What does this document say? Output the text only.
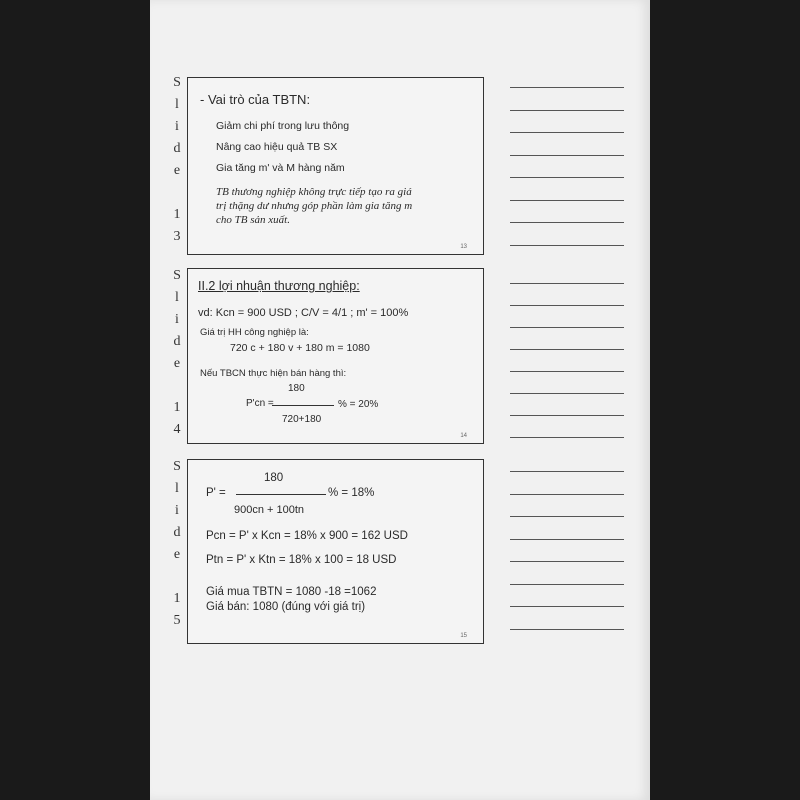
S
l
i
d
e
1
3
S
l
i
d
e
1
4
S
l
i
d
e
1
5
- Vai trò của TBTN:
Giảm chi phí trong lưu thông
Nâng cao hiệu quả TB SX
Gia tăng m' và M hàng năm
TB thương nghiệp không trực tiếp tạo ra giá
trị thặng dư nhưng góp phần làm gia tăng m
cho TB sản xuất.
13
II.2 lợi nhuận thương nghiệp:
vd: Kcn = 900 USD ; C/V = 4/1 ; m' = 100%
Giá trị HH công nghiệp là:
720 c + 180 v + 180 m = 1080
Nếu TBCN thực hiện bán hàng thì:
180
P'cn =	% = 20%
720+180
14
180
P' =	% = 18%
900cn + 100tn
Pcn = P' x Kcn = 18% x 900 = 162 USD
Ptn = P' x Ktn = 18% x 100 = 18 USD
Giá mua TBTN = 1080 -18 =1062
Giá bán: 1080 (đúng với giá trị)
15
